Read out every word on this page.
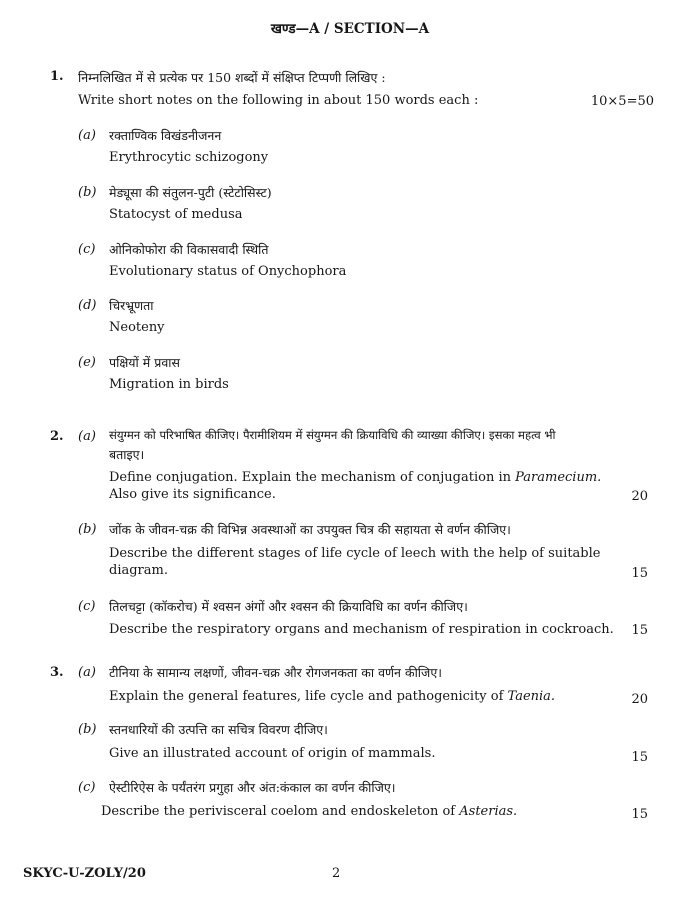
खण्ड—A / SECTION—A
1. निम्नलिखित में से प्रत्येक पर 150 शब्दों में संक्षिप्त टिप्पणी लिखिए :
Write short notes on the following in about 150 words each :	10×5=50
(a) रक्ताण्विक विखंडनीजनन
Erythrocytic schizogony
(b) मेड्यूसा की संतुलन-पुटी (स्टेटोसिस्ट)
Statocyst of medusa
(c) ओनिकोफोरा की विकासवादी स्थिति
Evolutionary status of Onychophora
(d) चिरभ्रूणता
Neoteny
(e) पक्षियों में प्रवास
Migration in birds
2. (a) संयुग्मन को परिभाषित कीजिए। पैरामीशियम में संयुग्मन की क्रियाविधि की व्याख्या कीजिए। इसका महत्व भी
बताइए।
Define conjugation. Explain the mechanism of conjugation in Paramecium.
Also give its significance.	20
(b) जोंक के जीवन-चक्र की विभिन्न अवस्थाओं का उपयुक्त चित्र की सहायता से वर्णन कीजिए।
Describe the different stages of life cycle of leech with the help of suitable
diagram.	15
(c) तिलचट्टा (कॉकरोच) में श्वसन अंगों और श्वसन की क्रियाविधि का वर्णन कीजिए।
Describe the respiratory organs and mechanism of respiration in cockroach. 15
3. (a) टीनिया के सामान्य लक्षणों, जीवन-चक्र और रोगजनकता का वर्णन कीजिए।
Explain the general features, life cycle and pathogenicity of Taenia.	20
(b) स्तनधारियों की उत्पत्ति का सचित्र विवरण दीजिए।
Give an illustrated account of origin of mammals.	15
(c) ऐस्टीरिऐस के पर्यंतरंग प्रगुहा और अंत:कंकाल का वर्णन कीजिए।
Describe the perivisceral coelom and endoskeleton of Asterias.	15
SKYC-U-ZOLY/20	2
